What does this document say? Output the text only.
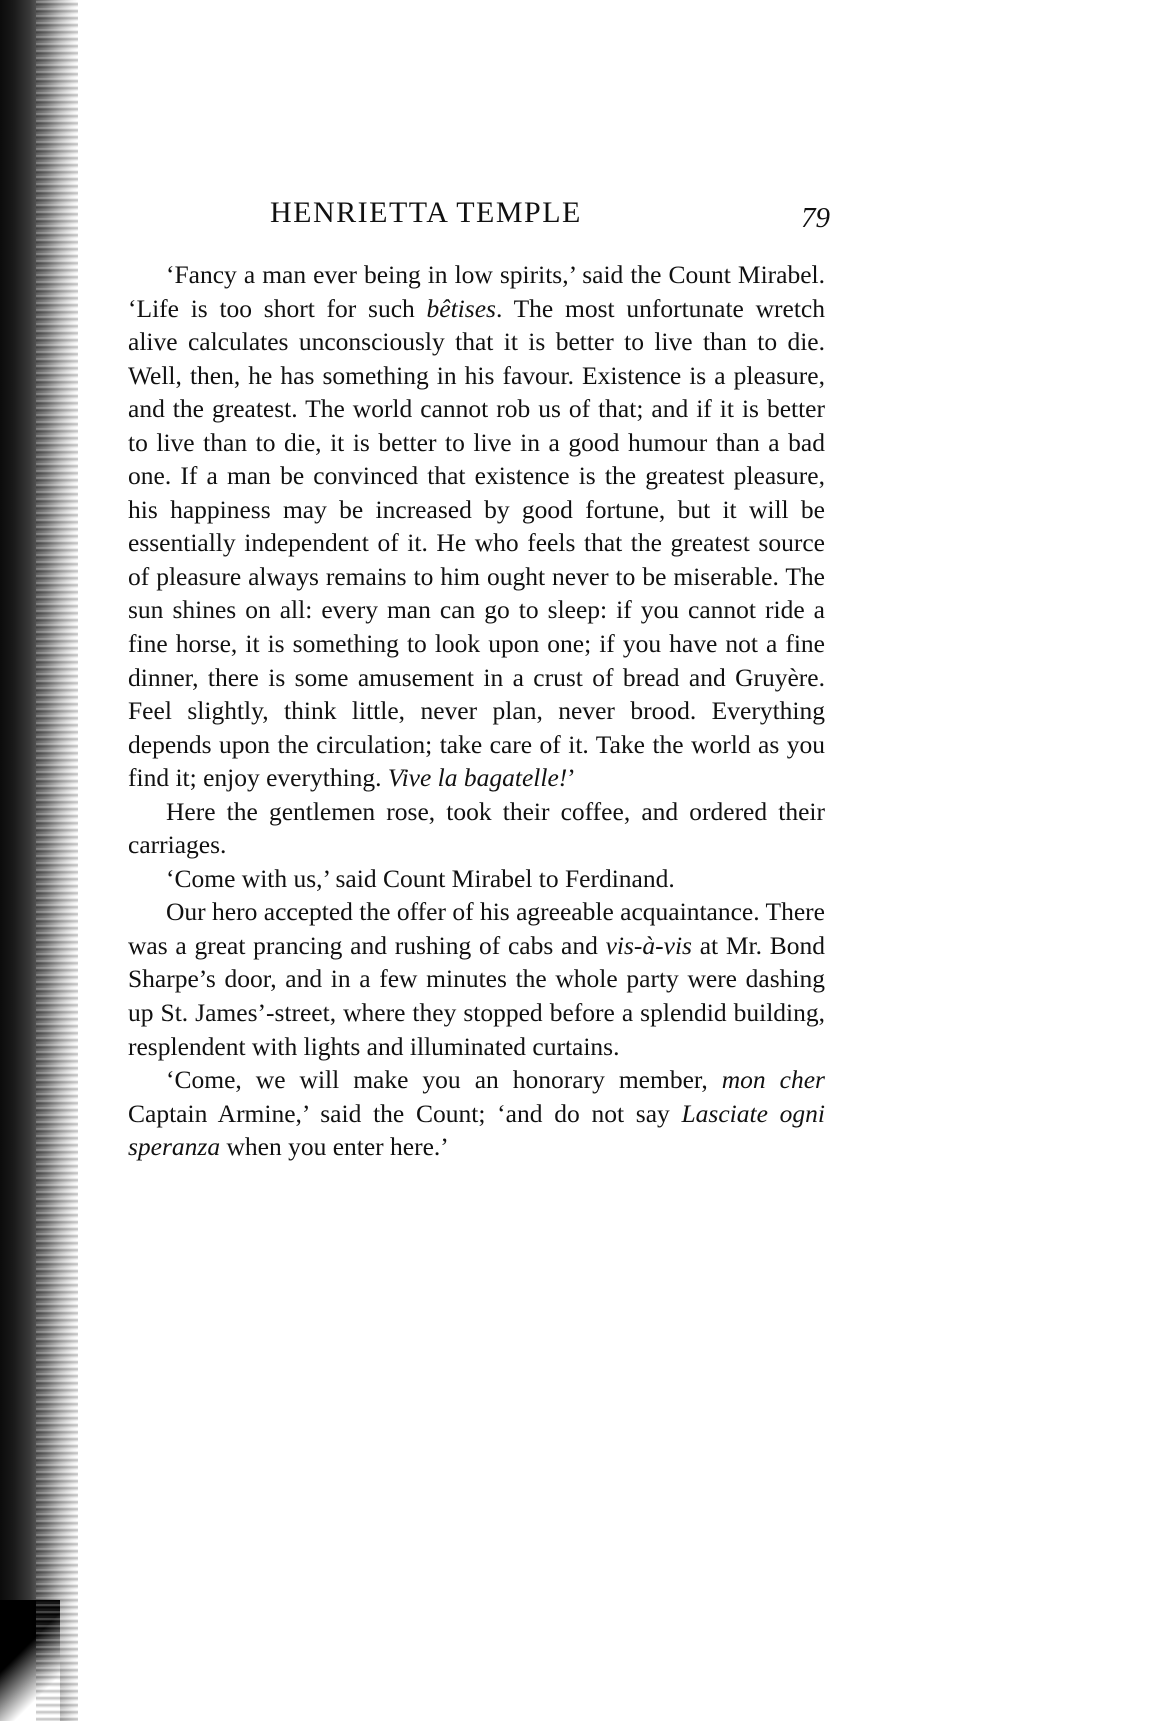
HENRIETTA TEMPLE	79

‘Fancy a man ever being in low spirits,’ said the Count Mirabel. ‘Life is too short for such bêtises. The most unfortunate wretch alive calculates unconsciously that it is better to live than to die. Well, then, he has something in his favour. Existence is a pleasure, and the greatest. The world cannot rob us of that; and if it is better to live than to die, it is better to live in a good humour than a bad one. If a man be convinced that existence is the greatest pleasure, his happiness may be increased by good fortune, but it will be essentially independent of it. He who feels that the greatest source of pleasure always remains to him ought never to be miserable. The sun shines on all: every man can go to sleep: if you cannot ride a fine horse, it is something to look upon one; if you have not a fine dinner, there is some amusement in a crust of bread and Gruyère. Feel slightly, think little, never plan, never brood. Everything depends upon the circulation; take care of it. Take the world as you find it; enjoy everything. Vive la bagatelle!’

Here the gentlemen rose, took their coffee, and ordered their carriages.

‘Come with us,’ said Count Mirabel to Ferdinand.

Our hero accepted the offer of his agreeable acquaintance. There was a great prancing and rushing of cabs and vis-à-vis at Mr. Bond Sharpe’s door, and in a few minutes the whole party were dashing up St. James’-street, where they stopped before a splendid building, resplendent with lights and illuminated curtains.

‘Come, we will make you an honorary member, mon cher Captain Armine,’ said the Count; ‘and do not say Lasciate ogni speranza when you enter here.’
